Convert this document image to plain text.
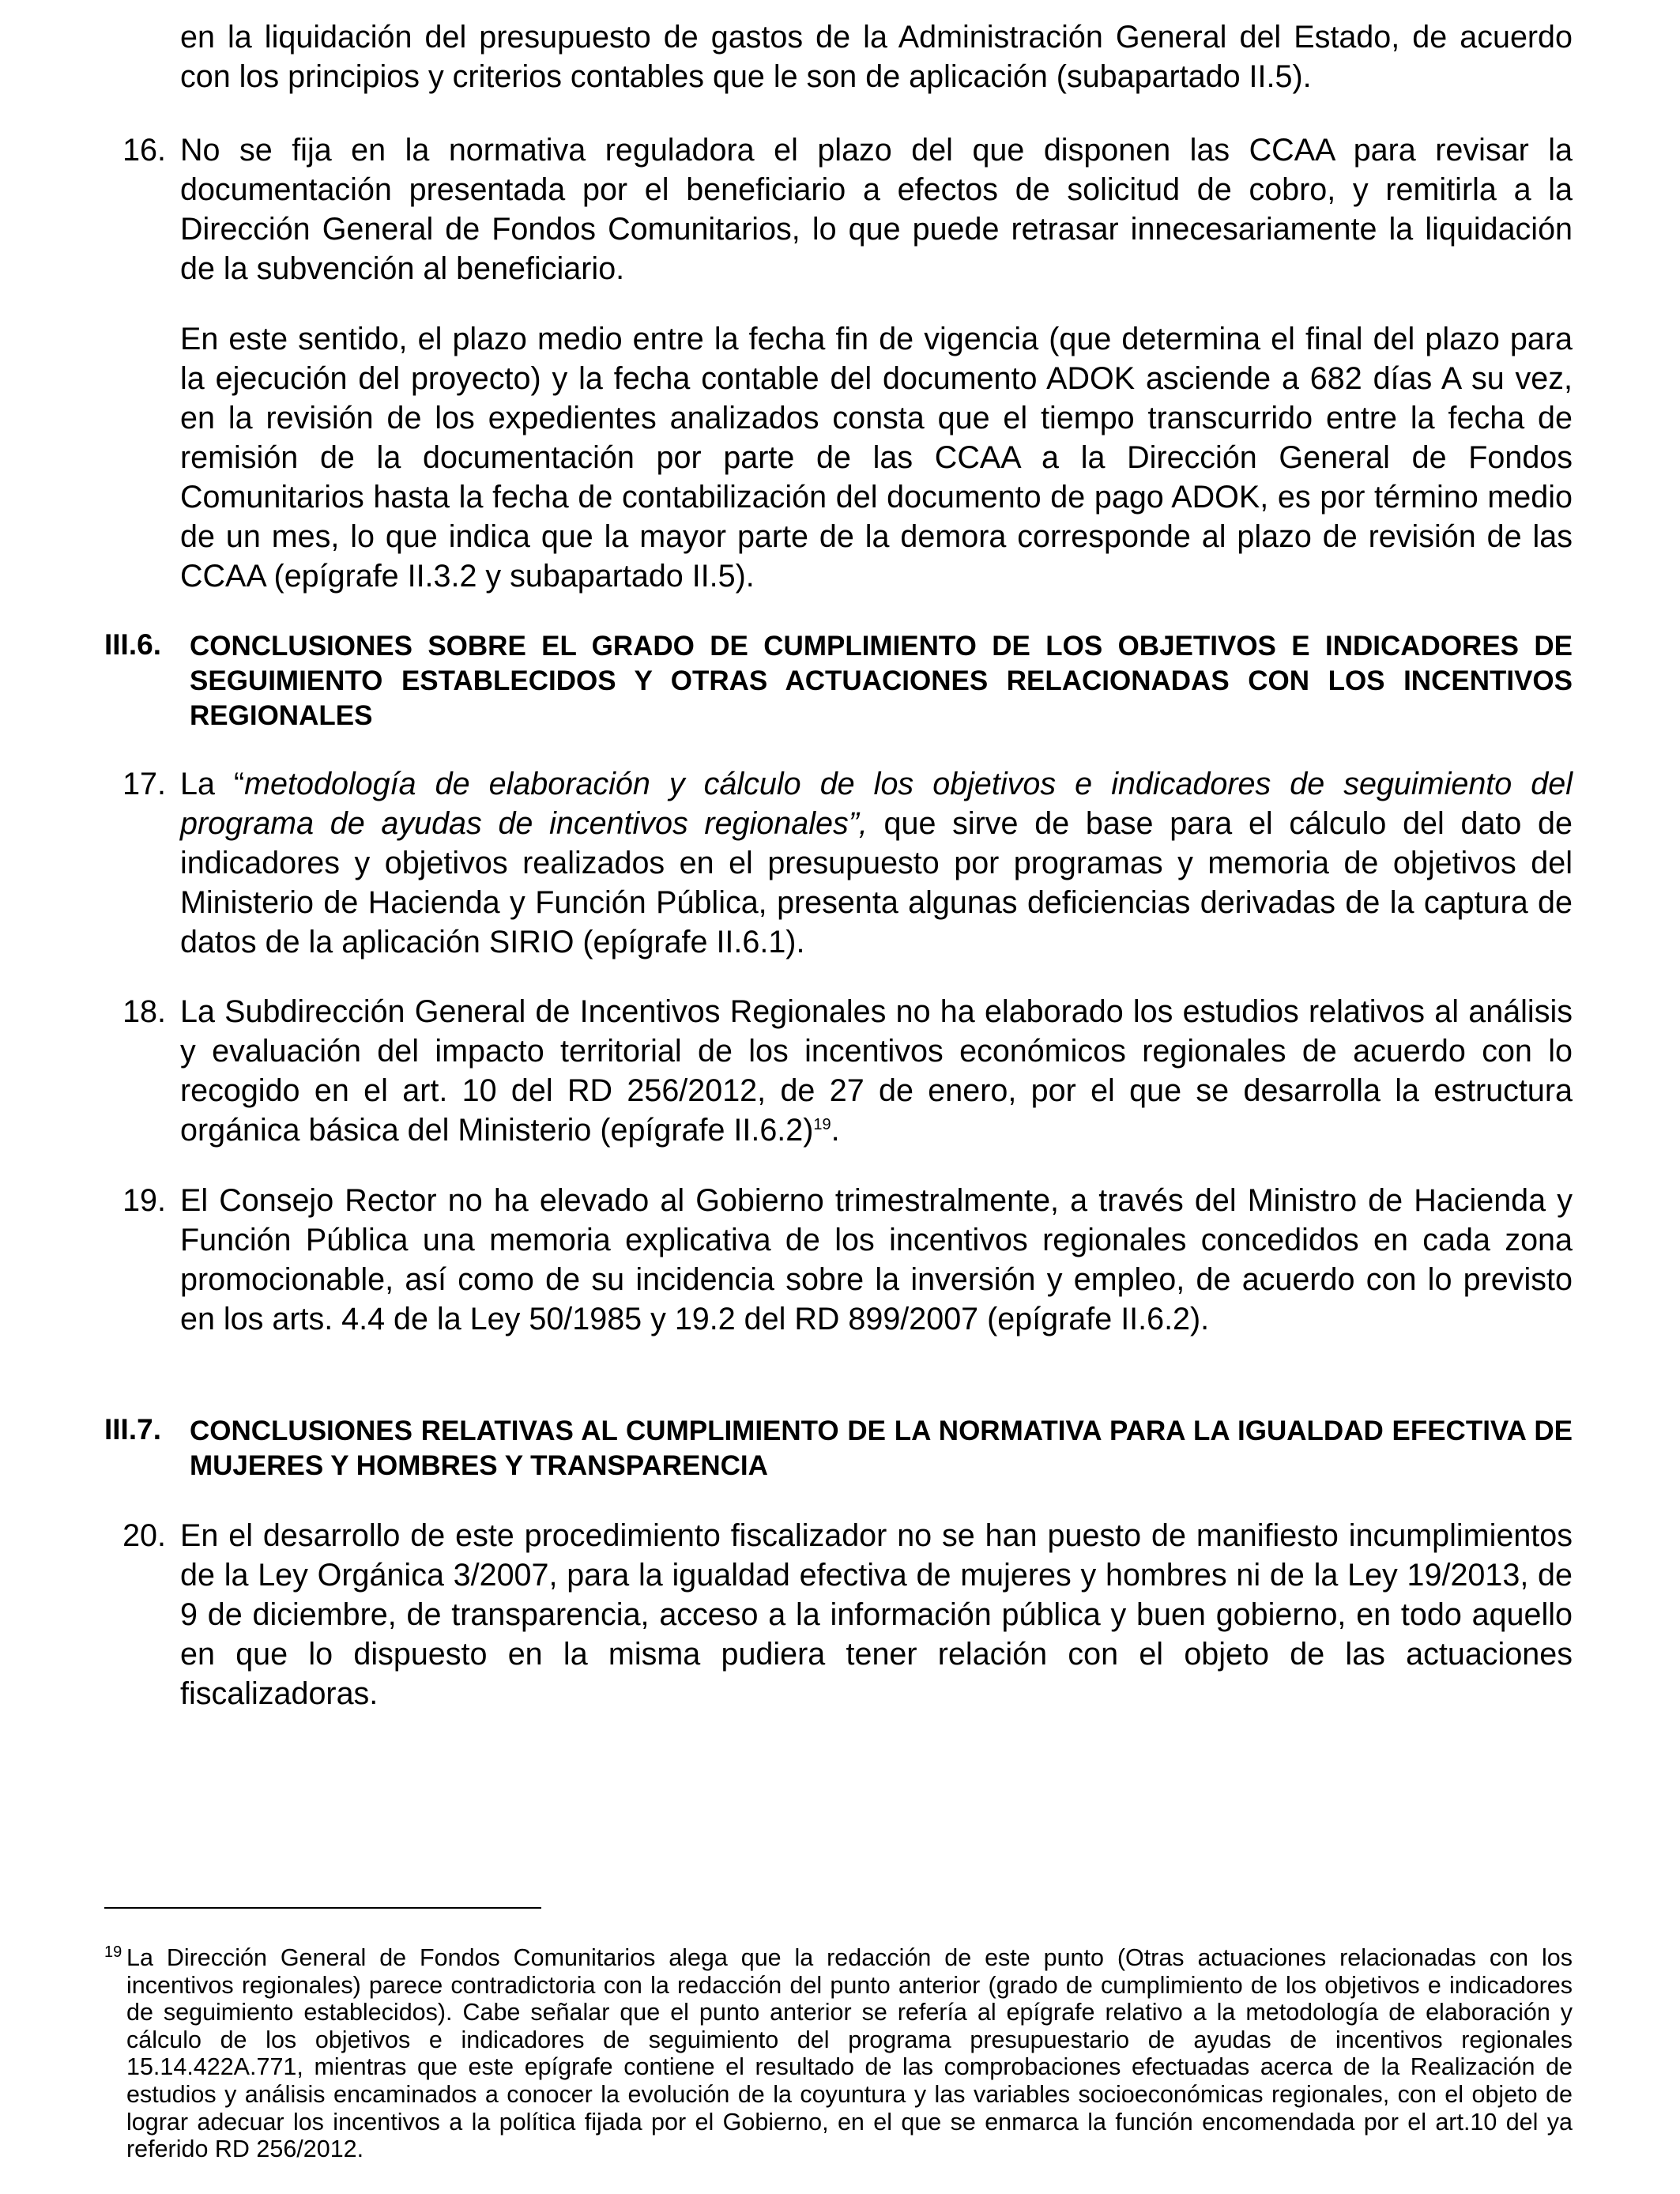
en la liquidación del presupuesto de gastos de la Administración General del Estado, de acuerdo con los principios y criterios contables que le son de aplicación (subapartado II.5).

16. No se fija en la normativa reguladora el plazo del que disponen las CCAA para revisar la documentación presentada por el beneficiario a efectos de solicitud de cobro, y remitirla a la Dirección General de Fondos Comunitarios, lo que puede retrasar innecesariamente la liquidación de la subvención al beneficiario.

En este sentido, el plazo medio entre la fecha fin de vigencia (que determina el final del plazo para la ejecución del proyecto) y la fecha contable del documento ADOK asciende a 682 días A su vez, en la revisión de los expedientes analizados consta que el tiempo transcurrido entre la fecha de remisión de la documentación por parte de las CCAA a la Dirección General de Fondos Comunitarios hasta la fecha de contabilización del documento de pago ADOK, es por término medio de un mes, lo que indica que la mayor parte de la demora corresponde al plazo de revisión de las CCAA (epígrafe II.3.2 y subapartado II.5).

III.6. CONCLUSIONES SOBRE EL GRADO DE CUMPLIMIENTO DE LOS OBJETIVOS E INDICADORES DE SEGUIMIENTO ESTABLECIDOS Y OTRAS ACTUACIONES RELACIONADAS CON LOS INCENTIVOS REGIONALES

17. La “metodología de elaboración y cálculo de los objetivos e indicadores de seguimiento del programa de ayudas de incentivos regionales”, que sirve de base para el cálculo del dato de indicadores y objetivos realizados en el presupuesto por programas y memoria de objetivos del Ministerio de Hacienda y Función Pública, presenta algunas deficiencias derivadas de la captura de datos de la aplicación SIRIO (epígrafe II.6.1).

18. La Subdirección General de Incentivos Regionales no ha elaborado los estudios relativos al análisis y evaluación del impacto territorial de los incentivos económicos regionales de acuerdo con lo recogido en el art. 10 del RD 256/2012, de 27 de enero, por el que se desarrolla la estructura orgánica básica del Ministerio (epígrafe II.6.2)$^{19}$.

19. El Consejo Rector no ha elevado al Gobierno trimestralmente, a través del Ministro de Hacienda y Función Pública una memoria explicativa de los incentivos regionales concedidos en cada zona promocionable, así como de su incidencia sobre la inversión y empleo, de acuerdo con lo previsto en los arts. 4.4 de la Ley 50/1985 y 19.2 del RD 899/2007 (epígrafe II.6.2).

III.7. CONCLUSIONES RELATIVAS AL CUMPLIMIENTO DE LA NORMATIVA PARA LA IGUALDAD EFECTIVA DE MUJERES Y HOMBRES Y TRANSPARENCIA

20. En el desarrollo de este procedimiento fiscalizador no se han puesto de manifiesto incumplimientos de la Ley Orgánica 3/2007, para la igualdad efectiva de mujeres y hombres ni de la Ley 19/2013, de 9 de diciembre, de transparencia, acceso a la información pública y buen gobierno, en todo aquello en que lo dispuesto en la misma pudiera tener relación con el objeto de las actuaciones fiscalizadoras.

19 La Dirección General de Fondos Comunitarios alega que la redacción de este punto (Otras actuaciones relacionadas con los incentivos regionales) parece contradictoria con la redacción del punto anterior (grado de cumplimiento de los objetivos e indicadores de seguimiento establecidos). Cabe señalar que el punto anterior se refería al epígrafe relativo a la metodología de elaboración y cálculo de los objetivos e indicadores de seguimiento del programa presupuestario de ayudas de incentivos regionales 15.14.422A.771, mientras que este epígrafe contiene el resultado de las comprobaciones efectuadas acerca de la Realización de estudios y análisis encaminados a conocer la evolución de la coyuntura y las variables socioeconómicas regionales, con el objeto de lograr adecuar los incentivos a la política fijada por el Gobierno, en el que se enmarca la función encomendada por el art.10 del ya referido RD 256/2012.
